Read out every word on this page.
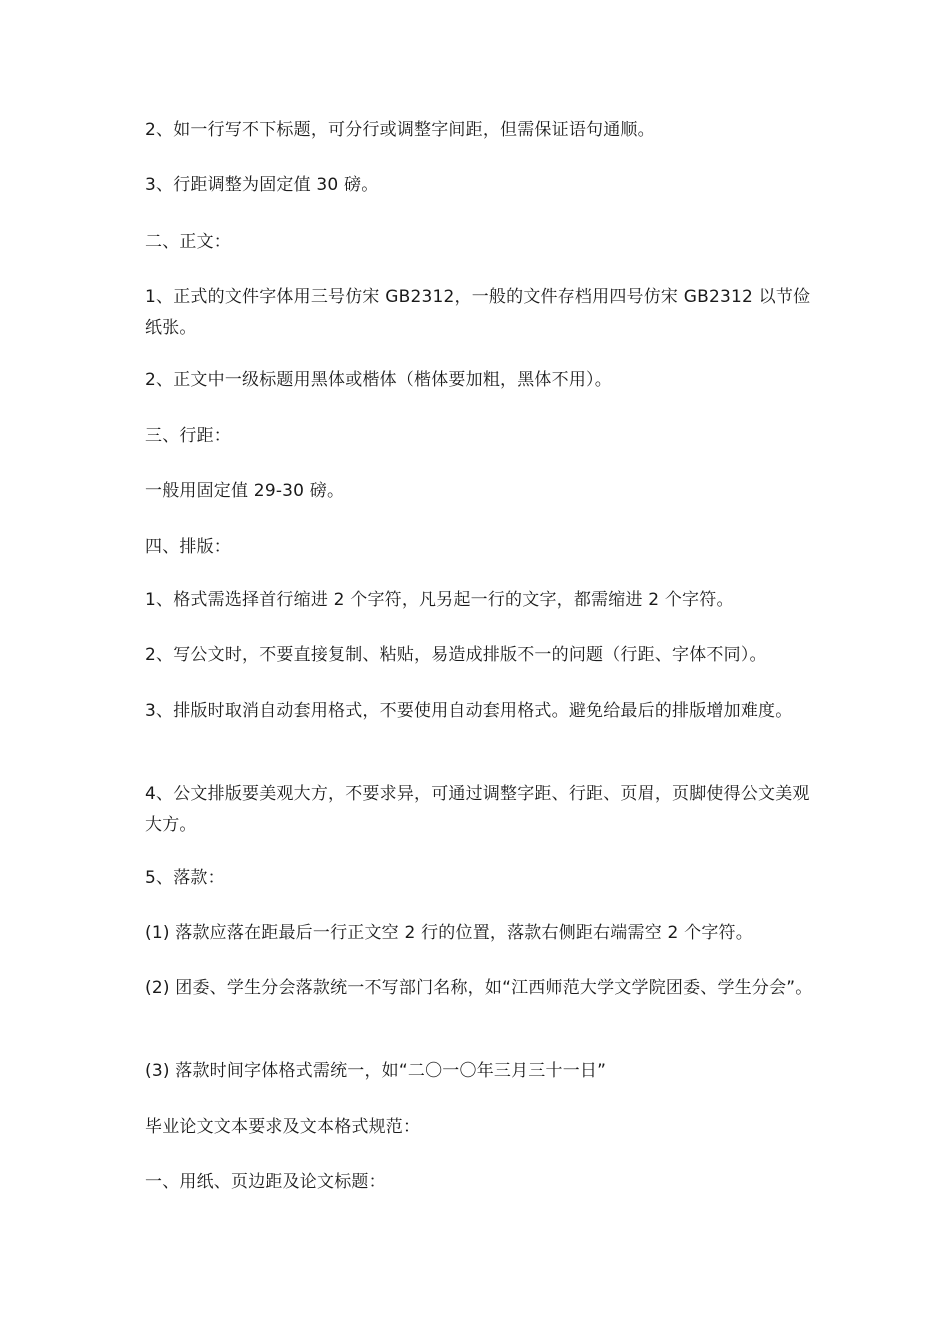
2、如一行写不下标题，可分行或调整字间距，但需保证语句通顺。

3、行距调整为固定值 30 磅。

二、正文：

1、正式的文件字体用三号仿宋 GB2312，一般的文件存档用四号仿宋 GB2312 以节俭纸张。

2、正文中一级标题用黑体或楷体（楷体要加粗，黑体不用）。

三、行距：

一般用固定值 29-30 磅。

四、排版：

1、格式需选择首行缩进 2 个字符，凡另起一行的文字，都需缩进 2 个字符。

2、写公文时，不要直接复制、粘贴，易造成排版不一的问题（行距、字体不同）。

3、排版时取消自动套用格式，不要使用自动套用格式。避免给最后的排版增加难度。

4、公文排版要美观大方，不要求异，可通过调整字距、行距、页眉，页脚使得公文美观大方。

5、落款：

(1) 落款应落在距最后一行正文空 2 行的位置，落款右侧距右端需空 2 个字符。

(2) 团委、学生分会落款统一不写部门名称，如“江西师范大学文学院团委、学生分会”。

(3) 落款时间字体格式需统一，如“二〇一〇年三月三十一日”

毕业论文文本要求及文本格式规范：

一、用纸、页边距及论文标题：
